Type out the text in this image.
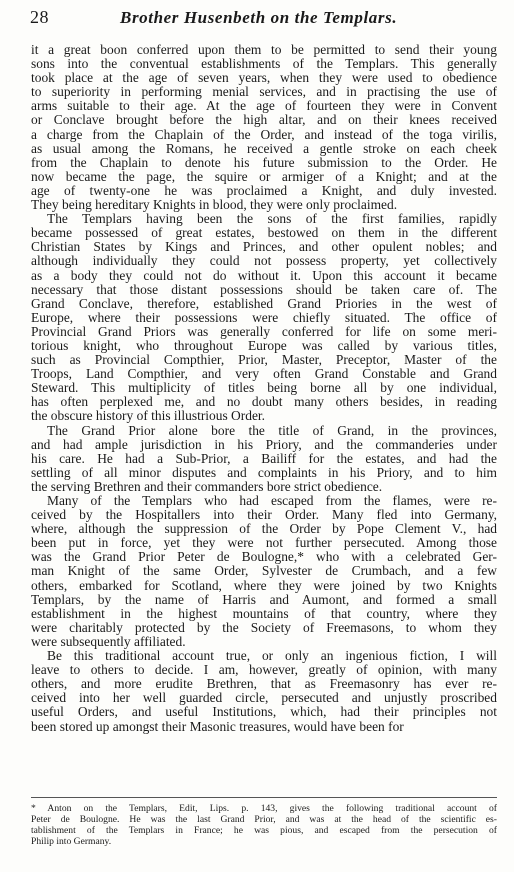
28	Brother Husenbeth on the Templars.
it a great boon conferred upon them to be permitted to send their young
sons into the conventual establishments of the Templars. This generally
took place at the age of seven years, when they were used to obedience
to superiority in performing menial services, and in practising the use of
arms suitable to their age. At the age of fourteen they were in Convent
or Conclave brought before the high altar, and on their knees received
a charge from the Chaplain of the Order, and instead of the toga virilis,
as usual among the Romans, he received a gentle stroke on each cheek
from the Chaplain to denote his future submission to the Order. He
now became the page, the squire or armiger of a Knight; and at the
age of twenty-one he was proclaimed a Knight, and duly invested.
They being hereditary Knights in blood, they were only proclaimed.
The Templars having been the sons of the first families, rapidly
became possessed of great estates, bestowed on them in the different
Christian States by Kings and Princes, and other opulent nobles; and
although individually they could not possess property, yet collectively
as a body they could not do without it. Upon this account it became
necessary that those distant possessions should be taken care of. The
Grand Conclave, therefore, established Grand Priories in the west of
Europe, where their possessions were chiefly situated. The office of
Provincial Grand Priors was generally conferred for life on some meri-
torious knight, who throughout Europe was called by various titles,
such as Provincial Compthier, Prior, Master, Preceptor, Master of the
Troops, Land Compthier, and very often Grand Constable and Grand
Steward. This multiplicity of titles being borne all by one individual,
has often perplexed me, and no doubt many others besides, in reading
the obscure history of this illustrious Order.
The Grand Prior alone bore the title of Grand, in the provinces,
and had ample jurisdiction in his Priory, and the commanderies under
his care. He had a Sub-Prior, a Bailiff for the estates, and had the
settling of all minor disputes and complaints in his Priory, and to him
the serving Brethren and their commanders bore strict obedience.
Many of the Templars who had escaped from the flames, were re-
ceived by the Hospitallers into their Order. Many fled into Germany,
where, although the suppression of the Order by Pope Clement V., had
been put in force, yet they were not further persecuted. Among those
was the Grand Prior Peter de Boulogne,* who with a celebrated Ger-
man Knight of the same Order, Sylvester de Crumbach, and a few
others, embarked for Scotland, where they were joined by two Knights
Templars, by the name of Harris and Aumont, and formed a small
establishment in the highest mountains of that country, where they
were charitably protected by the Society of Freemasons, to whom they
were subsequently affiliated.
Be this traditional account true, or only an ingenious fiction, I will
leave to others to decide. I am, however, greatly of opinion, with many
others, and more erudite Brethren, that as Freemasonry has ever re-
ceived into her well guarded circle, persecuted and unjustly proscribed
useful Orders, and useful Institutions, which, had their principles not
been stored up amongst their Masonic treasures, would have been for
* Anton on the Templars, Edit, Lips. p. 143, gives the following traditional account of
Peter de Boulogne. He was the last Grand Prior, and was at the head of the scientific es-
tablishment of the Templars in France; he was pious, and escaped from the persecution of
Philip into Germany.
